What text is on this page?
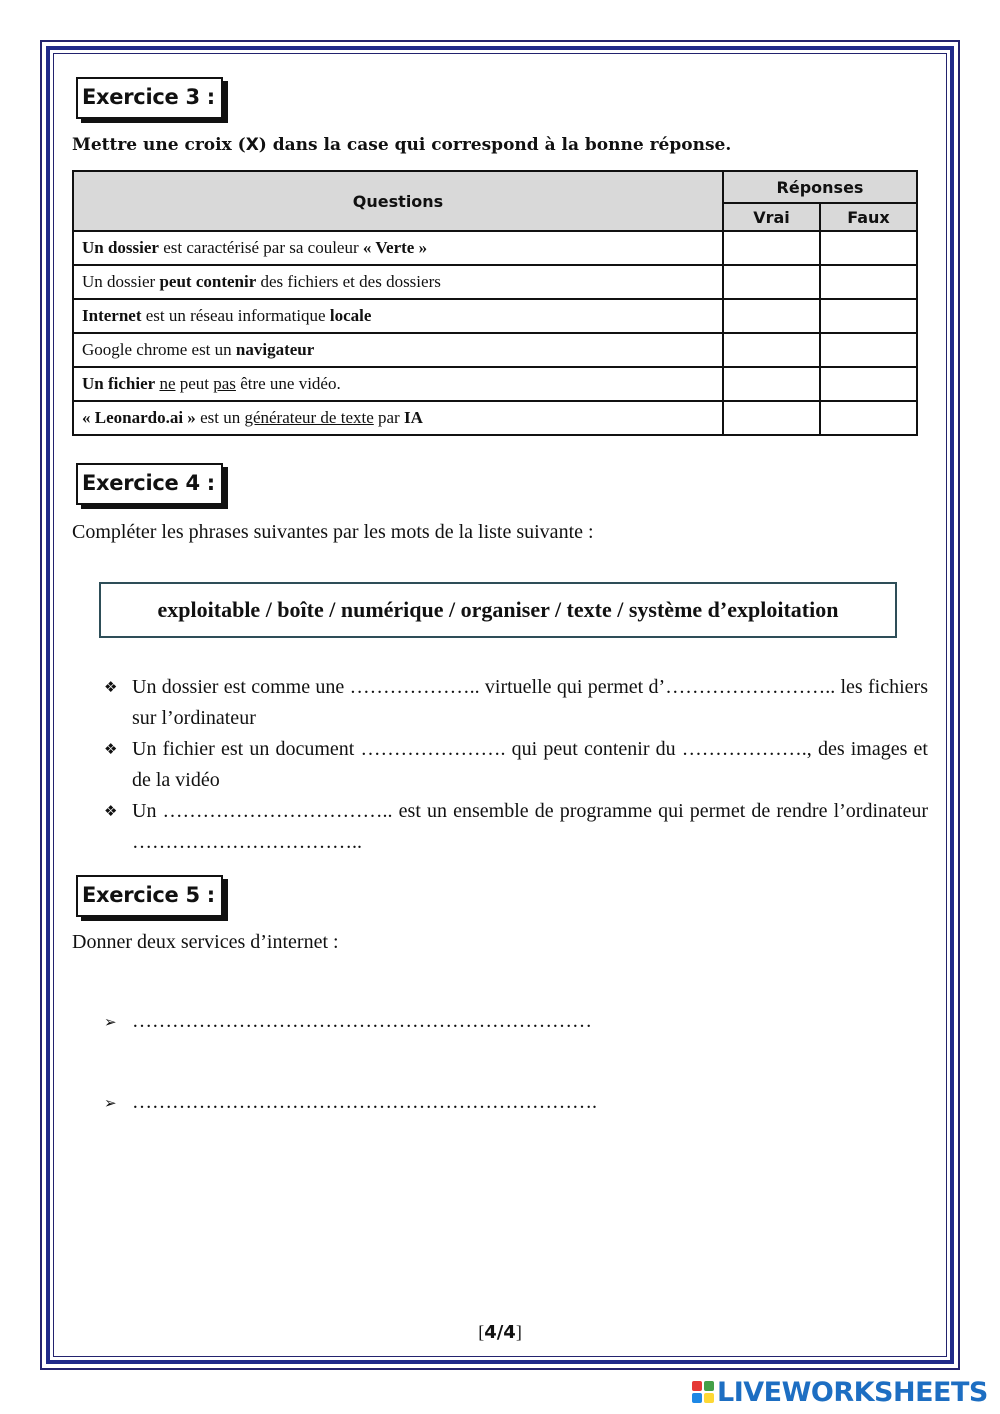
Exercice 3 :
Mettre une croix (X) dans la case qui correspond à la bonne réponse.
Questions	Réponses	
	Vrai	Faux
Un dossier est caractérisé par sa couleur « Verte »		
Un dossier peut contenir des fichiers et des dossiers		
Internet est un réseau informatique locale		
Google chrome est un navigateur		
Un fichier ne peut pas être une vidéo.		
« Leonardo.ai » est un générateur de texte par IA		
Exercice 4 :
Compléter les phrases suivantes par les mots de la liste suivante :
exploitable / boîte / numérique / organiser / texte / système d’exploitation
❖ Un dossier est comme une ……………….. virtuelle qui permet d’…………………….. les fichiers sur l’ordinateur
❖ Un fichier est un document …………………. qui peut contenir du ………………., des images et de la vidéo
❖ Un …………………………….. est un ensemble de programme qui permet de rendre l’ordinateur ……………………………..
Exercice 5 :
Donner deux services d’internet :
➢ ……………………………………………………………
➢ …………………………………………………………….
[4/4]
LIVEWORKSHEETS
